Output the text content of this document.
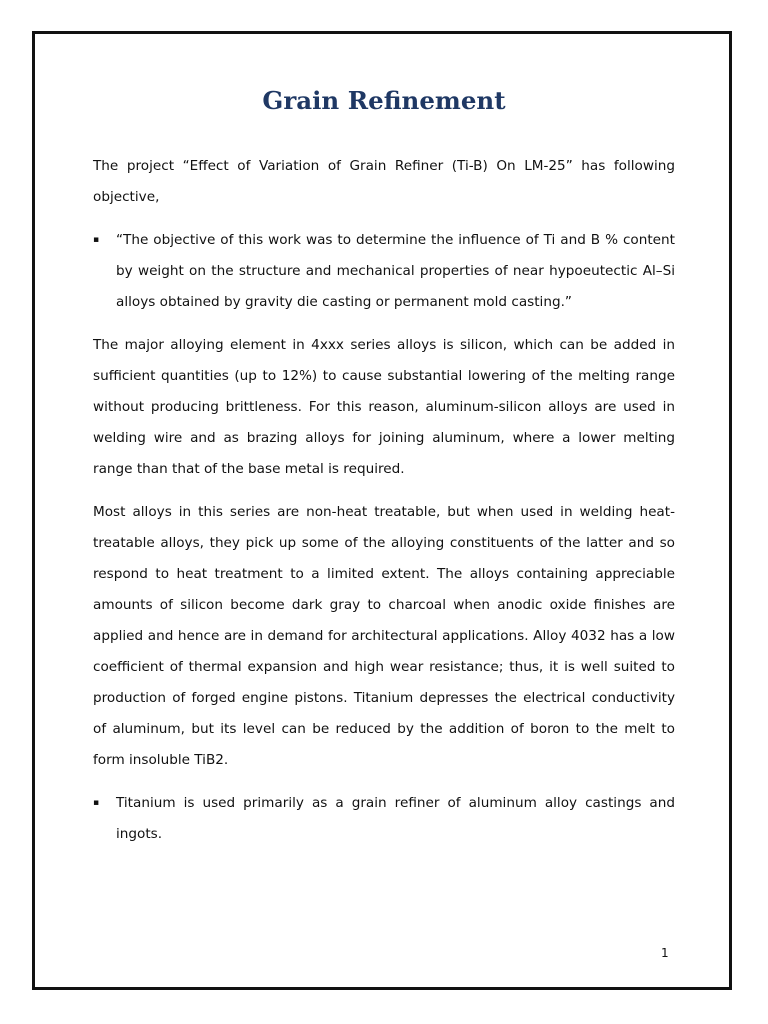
Grain Refinement

The project “Effect of Variation of Grain Refiner (Ti-B) On LM-25” has following objective,

▪	“The objective of this work was to determine the influence of Ti and B % content by weight on the structure and mechanical properties of near hypoeutectic Al–Si alloys obtained by gravity die casting or permanent mold casting.”

The major alloying element in 4xxx series alloys is silicon, which can be added in sufficient quantities (up to 12%) to cause substantial lowering of the melting range without producing brittleness. For this reason, aluminum-silicon alloys are used in welding wire and as brazing alloys for joining aluminum, where a lower melting range than that of the base metal is required.

Most alloys in this series are non-heat treatable, but when used in welding heat-treatable alloys, they pick up some of the alloying constituents of the latter and so respond to heat treatment to a limited extent. The alloys containing appreciable amounts of silicon become dark gray to charcoal when anodic oxide finishes are applied and hence are in demand for architectural applications. Alloy 4032 has a low coefficient of thermal expansion and high wear resistance; thus, it is well suited to production of forged engine pistons. Titanium depresses the electrical conductivity of aluminum, but its level can be reduced by the addition of boron to the melt to form insoluble TiB2.

▪	Titanium is used primarily as a grain refiner of aluminum alloy castings and ingots.

1
